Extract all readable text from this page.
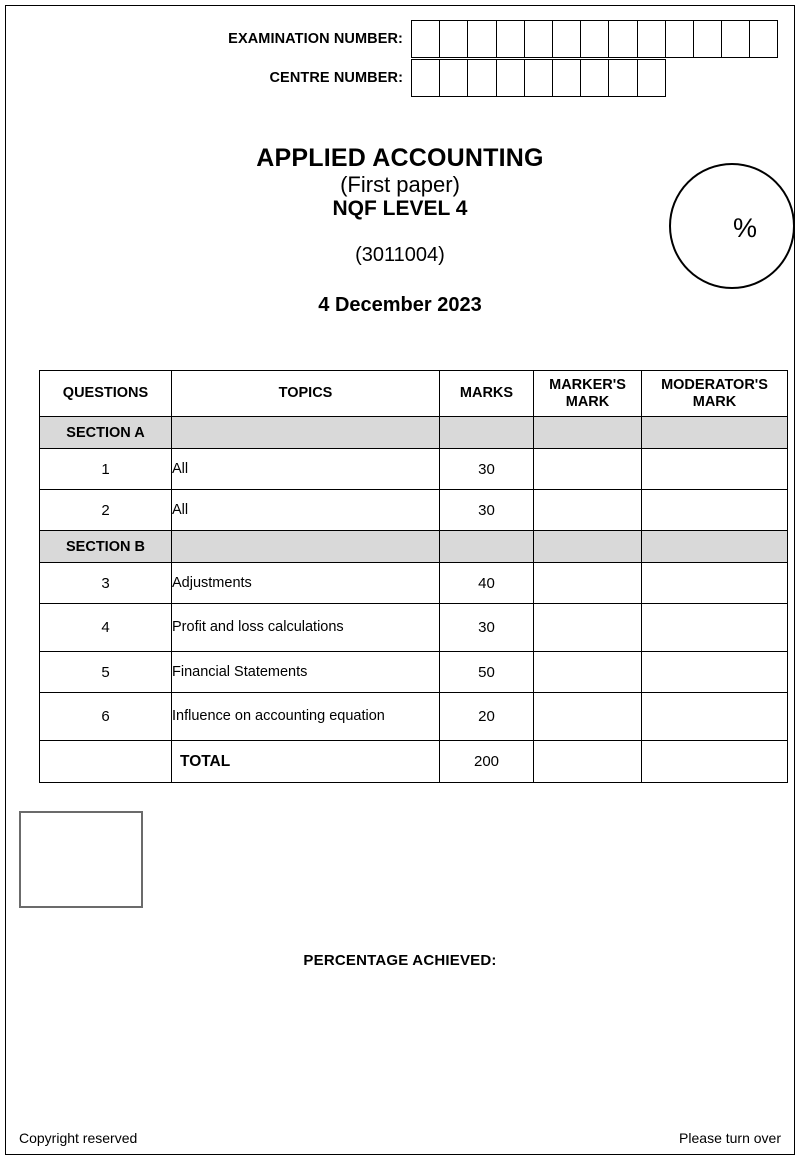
EXAMINATION NUMBER:
CENTRE NUMBER:
APPLIED ACCOUNTING
(First paper)
NQF LEVEL 4
(3011004)
4 December 2023
%
QUESTIONS	TOPICS	MARKS	MARKER'S MARK	MODERATOR'S MARK
SECTION A				
1	All	30		
2	All	30		
SECTION B				
3	Adjustments	40		
4	Profit and loss calculations	30		
5	Financial Statements	50		
6	Influence on accounting equation	20		
	TOTAL	200		
PERCENTAGE ACHIEVED:
Copyright reserved	Please turn over
